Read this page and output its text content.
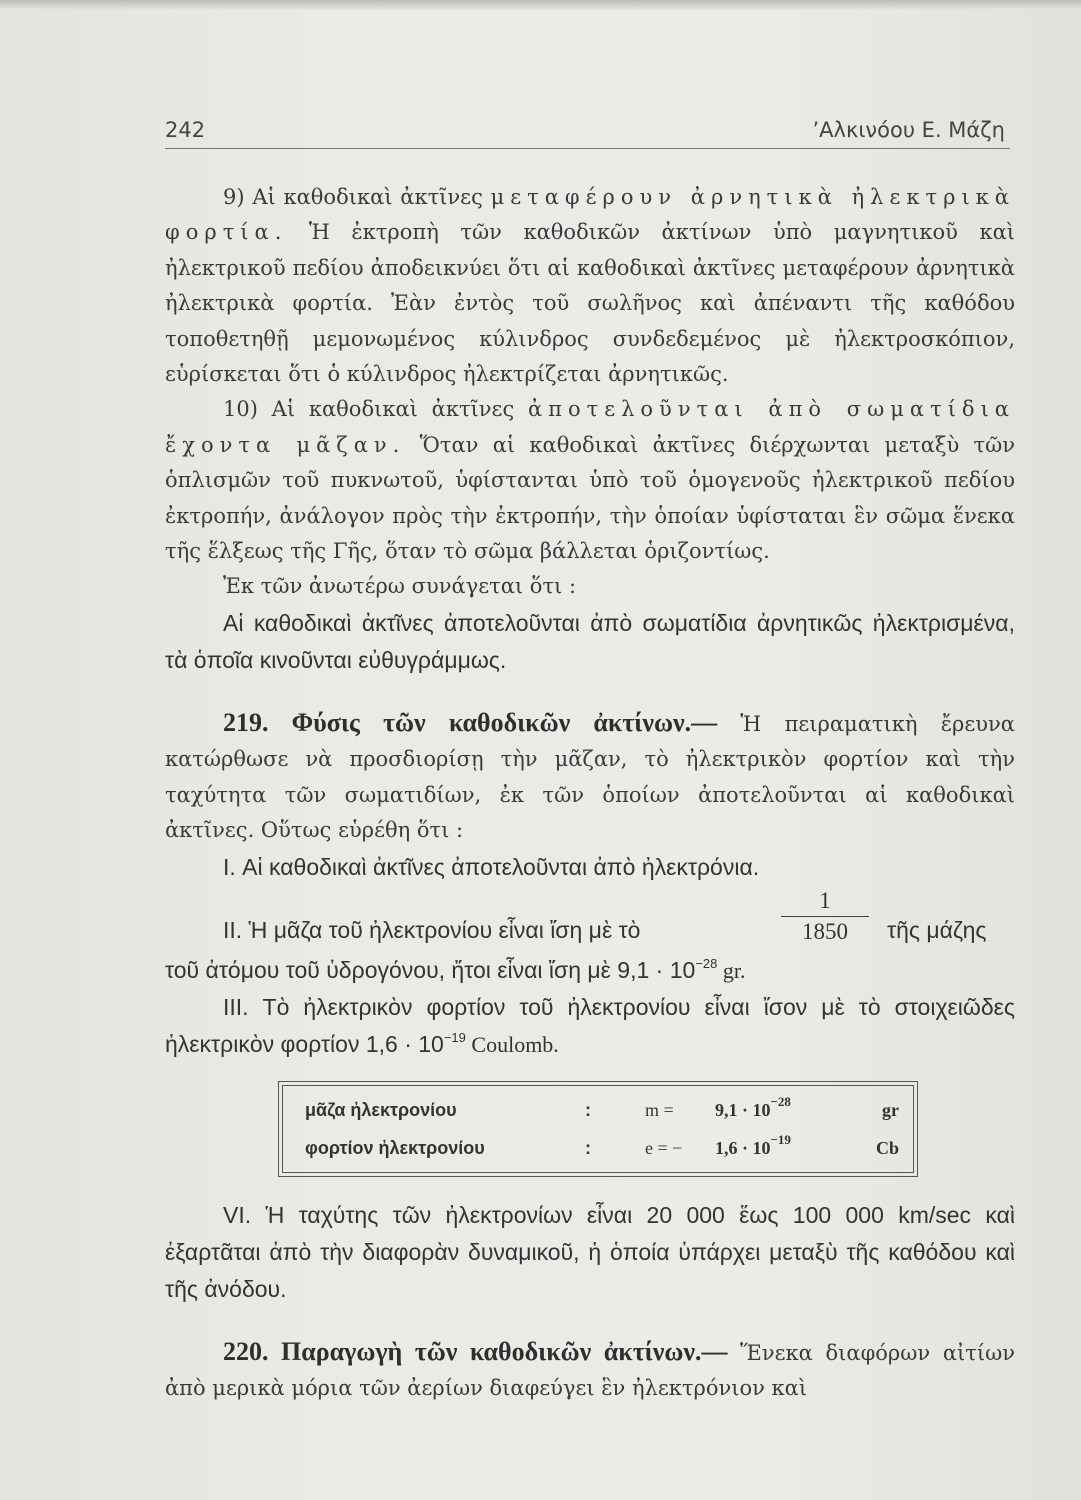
242	’Αλκινόου Ε. Μάζη

9) Αἱ καθοδικαὶ ἀκτῖνες μεταφέρουν ἀρνητικὰ ἠλεκτρικὰ φορτία. Ἡ ἐκτροπὴ τῶν καθοδικῶν ἀκτίνων ὑπὸ μαγνητικοῦ καὶ ἠλεκτρικοῦ πεδίου ἀποδεικνύει ὅτι αἱ καθοδικαὶ ἀκτῖνες μεταφέρουν ἀρνητικὰ ἠλεκτρικὰ φορτία. Ἐὰν ἐντὸς τοῦ σωλῆνος καὶ ἀπέναντι τῆς καθόδου τοποθετηθῇ μεμονωμένος κύλινδρος συνδεδεμένος μὲ ἠλεκτροσκόπιον, εὑρίσκεται ὅτι ὁ κύλινδρος ἠλεκτρίζεται ἀρνητικῶς.

10) Αἱ καθοδικαὶ ἀκτῖνες ἀποτελοῦνται ἀπὸ σωματίδια ἔχοντα μᾶζαν. Ὅταν αἱ καθοδικαὶ ἀκτῖνες διέρχωνται μεταξὺ τῶν ὁπλισμῶν τοῦ πυκνωτοῦ, ὑφίστανται ὑπὸ τοῦ ὁμογενοῦς ἠλεκτρικοῦ πεδίου ἐκτροπήν, ἀνάλογον πρὸς τὴν ἐκτροπήν, τὴν ὁποίαν ὑφίσταται ἓν σῶμα ἕνεκα τῆς ἕλξεως τῆς Γῆς, ὅταν τὸ σῶμα βάλλεται ὁριζοντίως.

Ἐκ τῶν ἀνωτέρω συνάγεται ὅτι :

Αἱ καθοδικαὶ ἀκτῖνες ἀποτελοῦνται ἀπὸ σωματίδια ἀρνητικῶς ἠλεκτρισμένα, τὰ ὁποῖα κινοῦνται εὐθυγράμμως.

219. Φύσις τῶν καθοδικῶν ἀκτίνων.— Ἡ πειραματικὴ ἔρευνα κατώρθωσε νὰ προσδιορίσῃ τὴν μᾶζαν, τὸ ἠλεκτρικὸν φορτίον καὶ τὴν ταχύτητα τῶν σωματιδίων, ἐκ τῶν ὁποίων ἀποτελοῦνται αἱ καθοδικαὶ ἀκτῖνες. Οὕτως εὑρέθη ὅτι :

I. Αἱ καθοδικαὶ ἀκτῖνες ἀποτελοῦνται ἀπὸ ἠλεκτρόνια.

II. Ἡ μᾶζα τοῦ ἠλεκτρονίου εἶναι ἴση μὲ τὸ
1
1850	τῆς μάζης

τοῦ ἀτόμου τοῦ ὑδρογόνου, ἤτοι εἶναι ἴση μὲ $9,1 \cdot 10^{-28}$ gr.

III. Τὸ ἠλεκτρικὸν φορτίον τοῦ ἠλεκτρονίου εἶναι ἴσον μὲ τὸ στοιχειῶδες ἠλεκτρικὸν φορτίον $1,6 \cdot 10^{-19}$ Coulomb.

μᾶζα ἠλεκτρονίου	:	$m = 9,1 \cdot 10^{-28}$	gr
φορτίον ἠλεκτρονίου	:	e = − $1,6 \cdot 10^{-19}$	Cb

VI. Ἡ ταχύτης τῶν ἠλεκτρονίων εἶναι 20 000 ἕως 100 000 km/sec καὶ ἐξαρτᾶται ἀπὸ τὴν διαφορὰν δυναμικοῦ, ἡ ὁποία ὑπάρχει μεταξὺ τῆς καθόδου καὶ τῆς ἀνόδου.

220. Παραγωγὴ τῶν καθοδικῶν ἀκτίνων.— Ἕνεκα διαφόρων αἰτίων ἀπὸ μερικὰ μόρια τῶν ἀερίων διαφεύγει ἓν ἠλεκτρόνιον καὶ
